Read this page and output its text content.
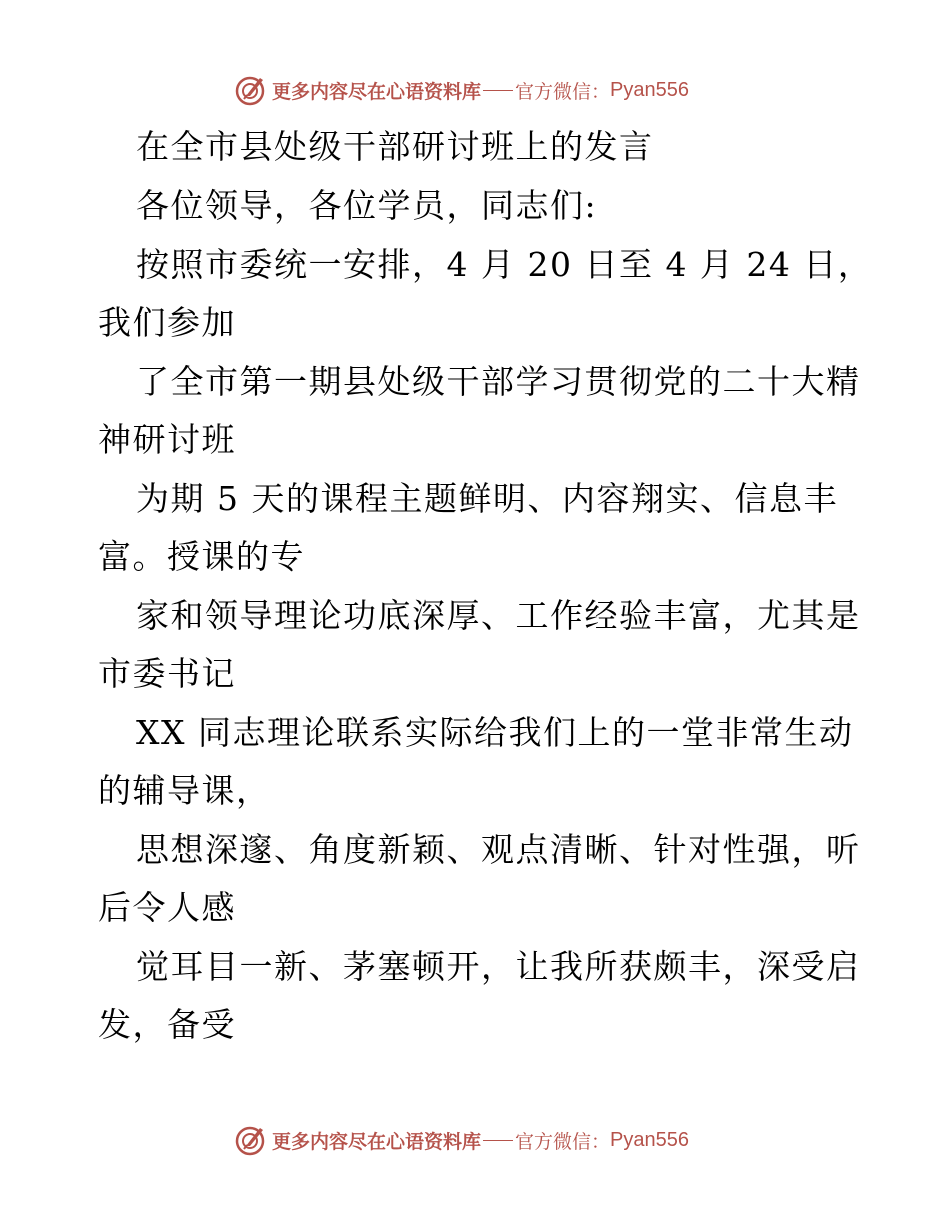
更多内容尽在心语资料库 官方微信： Pyan556
在全市县处级干部研讨班上的发言
各位领导，各位学员，同志们:
按照市委统一安排，4 月 20 日至 4 月 24 日，
我们参加
了全市第一期县处级干部学习贯彻党的二十大精
神研讨班
为期 5 天的课程主题鲜明、内容翔实、信息丰
富。授课的专
家和领导理论功底深厚、工作经验丰富，尤其是
市委书记
XX 同志理论联系实际给我们上的一堂非常生动
的辅导课，
思想深邃、角度新颖、观点清晰、针对性强，听
后令人感
觉耳目一新、茅塞顿开，让我所获颇丰，深受启
发，备受
更多内容尽在心语资料库 官方微信： Pyan556
